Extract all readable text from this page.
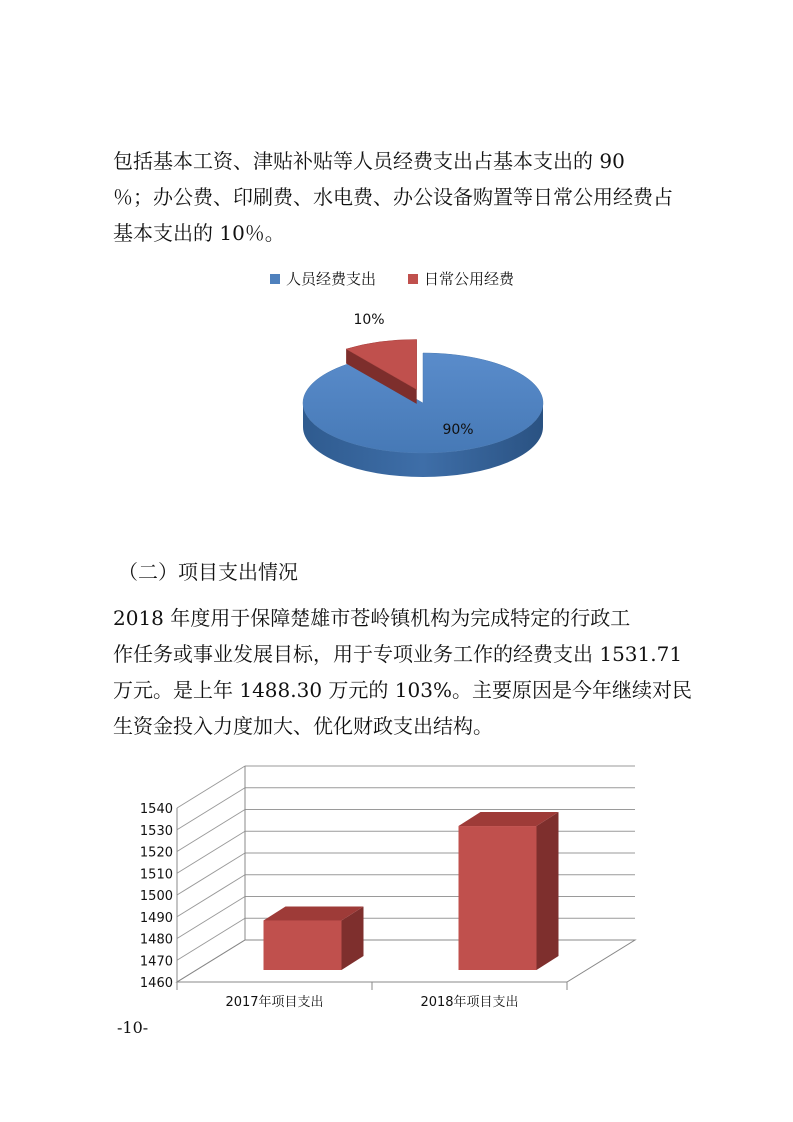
包括基本工资、津贴补贴等人员经费支出占基本支出的 90
％；办公费、印刷费、水电费、办公设备购置等日常公用经费占
基本支出的 10％。

人员经费支出	日常公用经费
90%
10%
（二）项目支出情况

2018 年度用于保障楚雄市苍岭镇机构为完成特定的行政工
作任务或事业发展目标，用于专项业务工作的经费支出 1531.71
万元。是上年 1488.30 万元的 103%。主要原因是今年继续对民
生资金投入力度加大、优化财政支出结构。

1460
1470
1480
1490
1500
1510
1520
1530
1540
2017年项目支出	2018年项目支出
-10-
